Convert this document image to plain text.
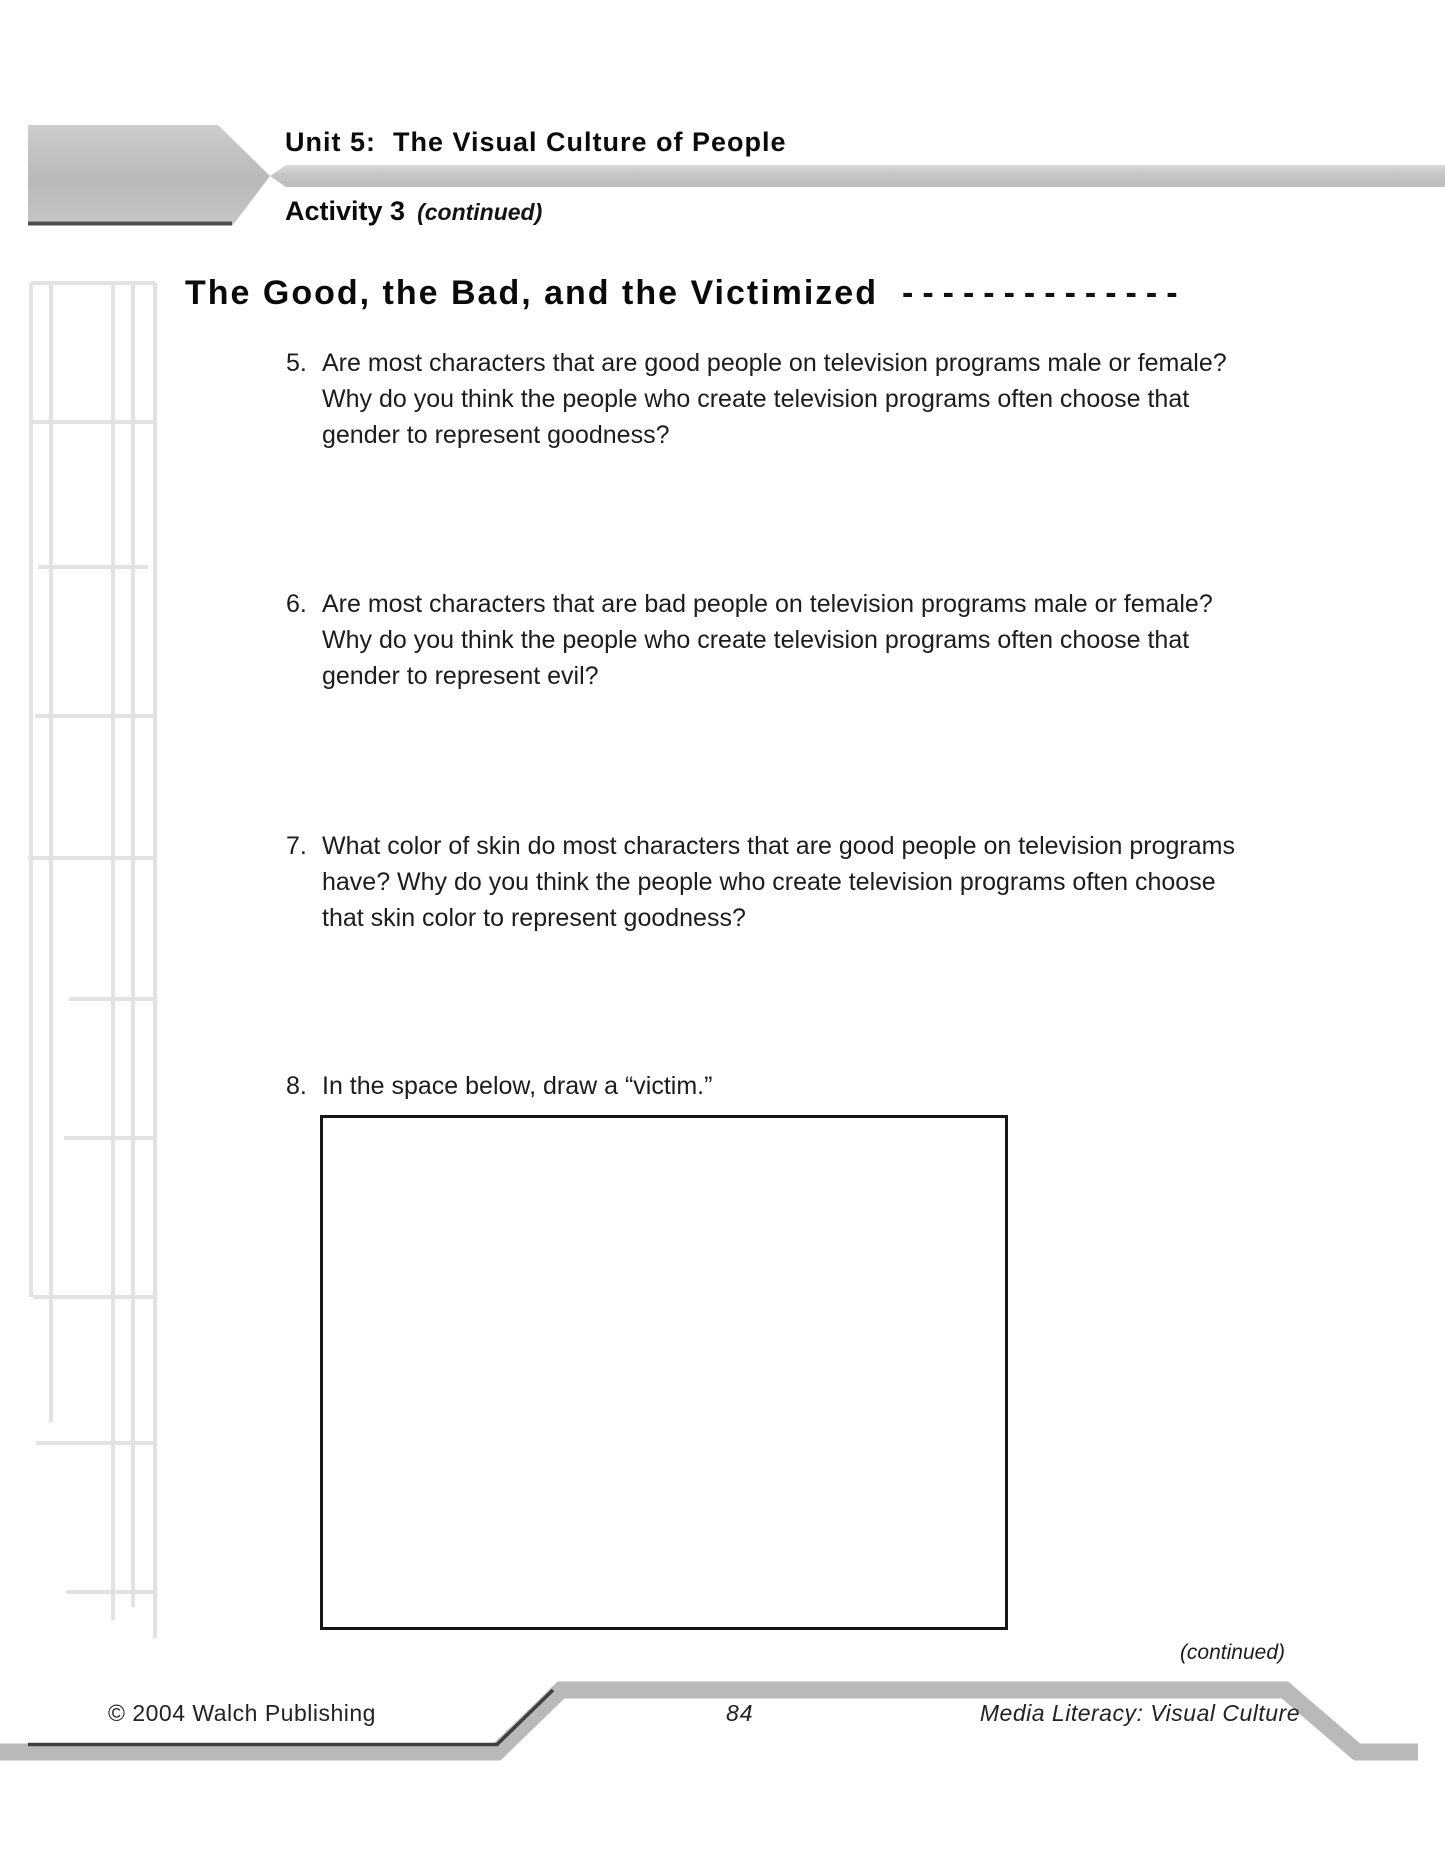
Unit 5:  The Visual Culture of People
Activity 3 (continued)
The Good, the Bad, and the Victimized --------------
5. Are most characters that are good people on television programs male or female?
Why do you think the people who create television programs often choose that
gender to represent goodness?
6. Are most characters that are bad people on television programs male or female?
Why do you think the people who create television programs often choose that
gender to represent evil?
7. What color of skin do most characters that are good people on television programs
have? Why do you think the people who create television programs often choose
that skin color to represent goodness?
8. In the space below, draw a “victim.”
(continued)
© 2004 Walch Publishing	84	Media Literacy: Visual Culture
